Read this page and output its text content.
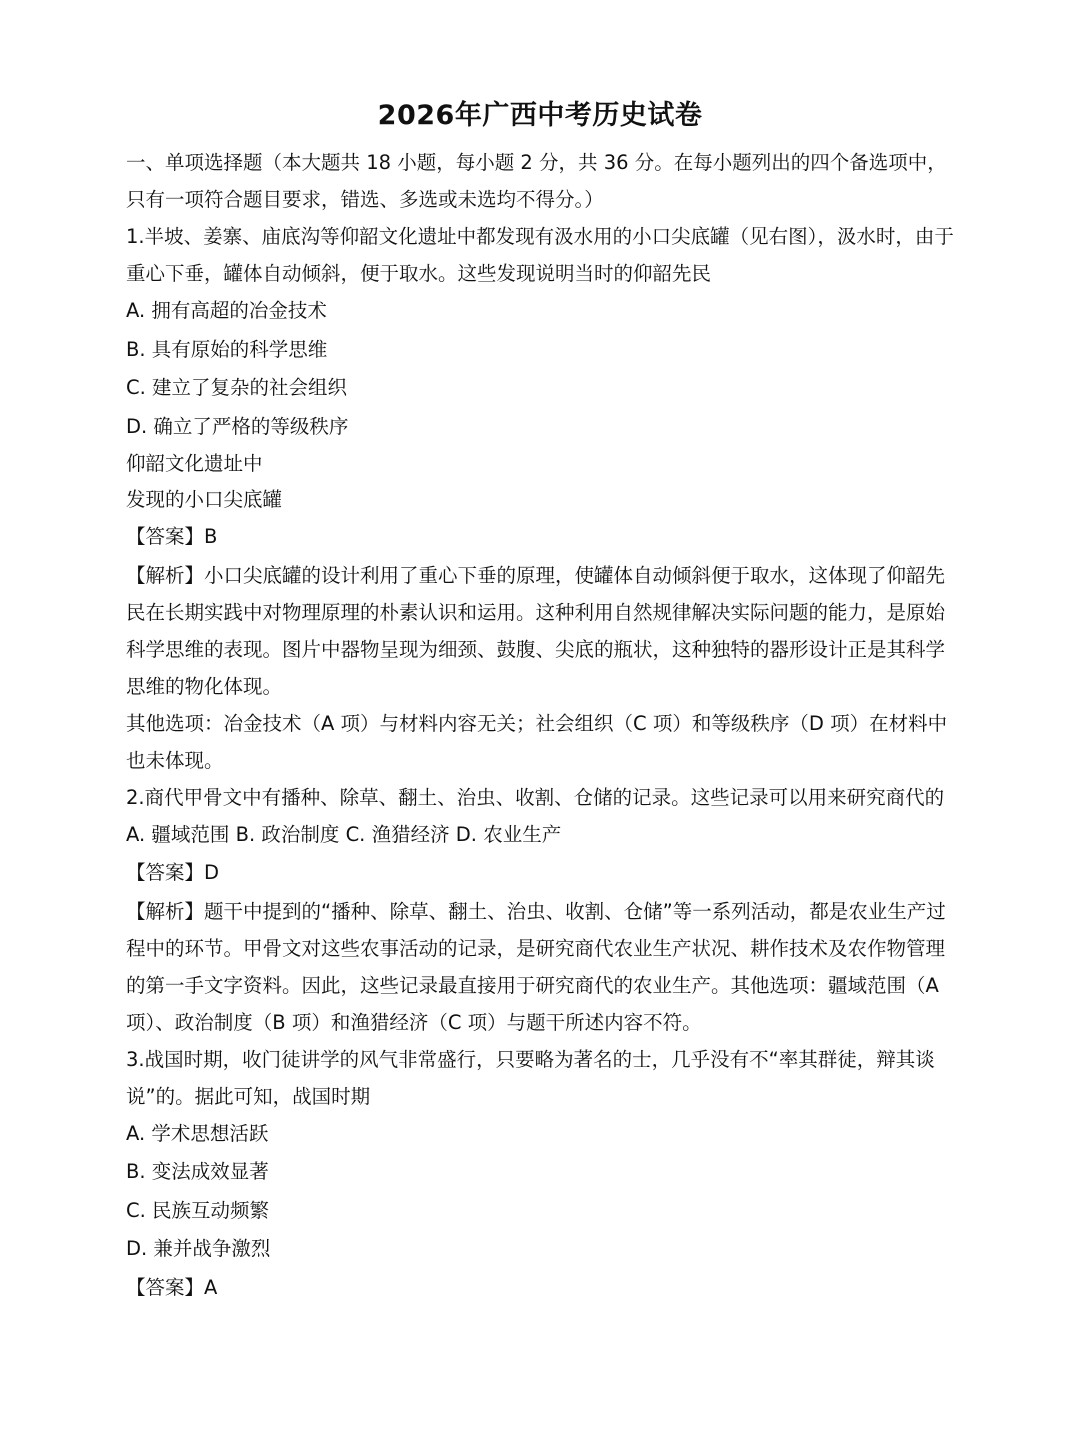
2026年广西中考历史试卷

一、单项选择题（本大题共 18 小题，每小题 2 分，共 36 分。在每小题列出的四个备选项中，只有一项符合题目要求，错选、多选或未选均不得分。）

1.半坡、姜寨、庙底沟等仰韶文化遗址中都发现有汲水用的小口尖底罐（见右图），汲水时，由于重心下垂，罐体自动倾斜，便于取水。这些发现说明当时的仰韶先民

A. 拥有高超的冶金技术

B. 具有原始的科学思维

C. 建立了复杂的社会组织

D. 确立了严格的等级秩序

仰韶文化遗址中

发现的小口尖底罐

【答案】B

【解析】小口尖底罐的设计利用了重心下垂的原理，使罐体自动倾斜便于取水，这体现了仰韶先民在长期实践中对物理原理的朴素认识和运用。这种利用自然规律解决实际问题的能力，是原始科学思维的表现。图片中器物呈现为细颈、鼓腹、尖底的瓶状，这种独特的器形设计正是其科学思维的物化体现。

其他选项：冶金技术（A 项）与材料内容无关；社会组织（C 项）和等级秩序（D 项）在材料中也未体现。

2.商代甲骨文中有播种、除草、翻土、治虫、收割、仓储的记录。这些记录可以用来研究商代的

A. 疆域范围 B. 政治制度 C. 渔猎经济 D. 农业生产

【答案】D

【解析】题干中提到的“播种、除草、翻土、治虫、收割、仓储”等一系列活动，都是农业生产过程中的环节。甲骨文对这些农事活动的记录，是研究商代农业生产状况、耕作技术及农作物管理的第一手文字资料。因此，这些记录最直接用于研究商代的农业生产。其他选项：疆域范围（A 项）、政治制度（B 项）和渔猎经济（C 项）与题干所述内容不符。

3.战国时期，收门徒讲学的风气非常盛行，只要略为著名的士，几乎没有不“率其群徒，辩其谈说”的。据此可知，战国时期

A. 学术思想活跃

B. 变法成效显著

C. 民族互动频繁

D. 兼并战争激烈

【答案】A
